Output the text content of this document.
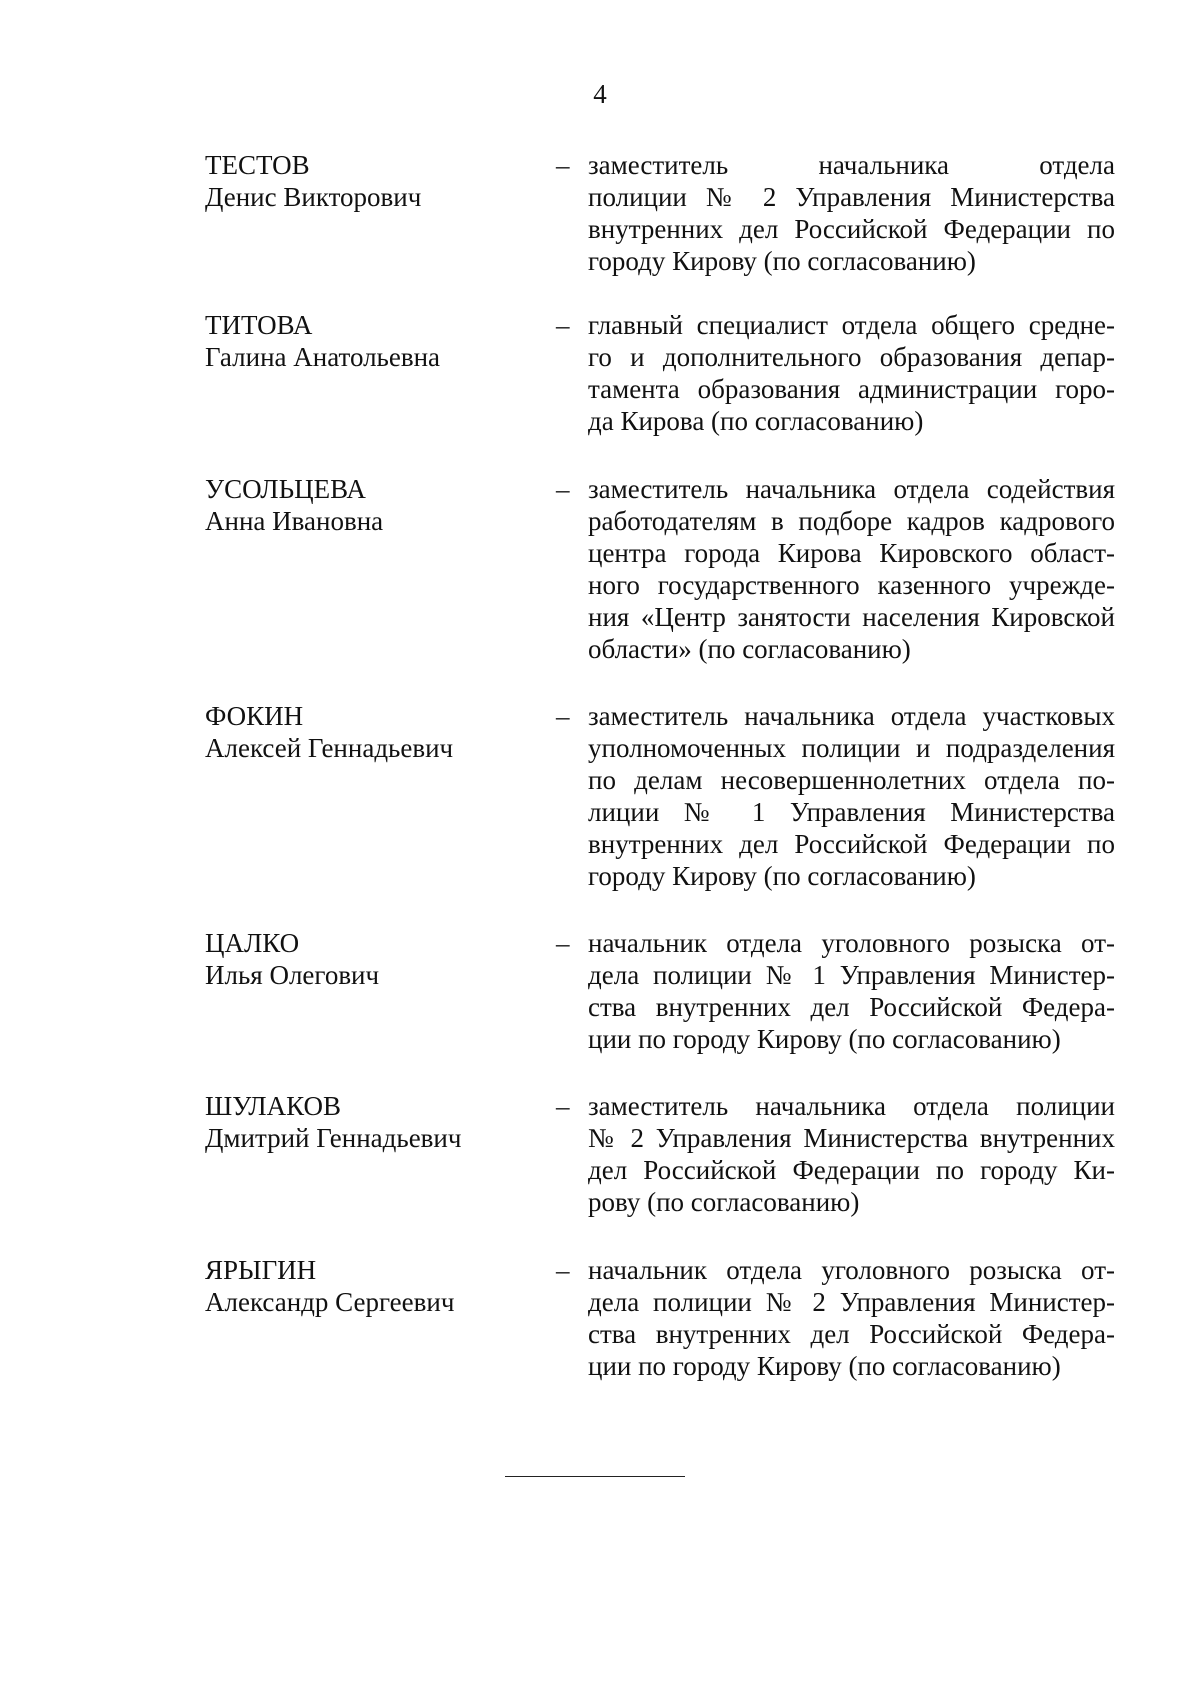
4
ТЕСТОВ
Денис Викторович
– заместитель начальника отдела
полиции № 2 Управления Министерства
внутренних дел Российской Федерации по
городу Кирову (по согласованию)
ТИТОВА
Галина Анатольевна
– главный специалист отдела общего средне-
го и дополнительного образования депар-
тамента образования администрации горо-
да Кирова (по согласованию)
УСОЛЬЦЕВА
Анна Ивановна
– заместитель начальника отдела содействия
работодателям в подборе кадров кадрового
центра города Кирова Кировского област-
ного государственного казенного учрежде-
ния «Центр занятости населения Кировской
области» (по согласованию)
ФОКИН
Алексей Геннадьевич
– заместитель начальника отдела участковых
уполномоченных полиции и подразделения
по делам несовершеннолетних отдела по-
лиции № 1 Управления Министерства
внутренних дел Российской Федерации по
городу Кирову (по согласованию)
ЦАЛКО
Илья Олегович
– начальник отдела уголовного розыска от-
дела полиции № 1 Управления Министер-
ства внутренних дел Российской Федера-
ции по городу Кирову (по согласованию)
ШУЛАКОВ
Дмитрий Геннадьевич
– заместитель начальника отдела полиции
№ 2 Управления Министерства внутренних
дел Российской Федерации по городу Ки-
рову (по согласованию)
ЯРЫГИН
Александр Сергеевич
– начальник отдела уголовного розыска от-
дела полиции № 2 Управления Министер-
ства внутренних дел Российской Федера-
ции по городу Кирову (по согласованию)
